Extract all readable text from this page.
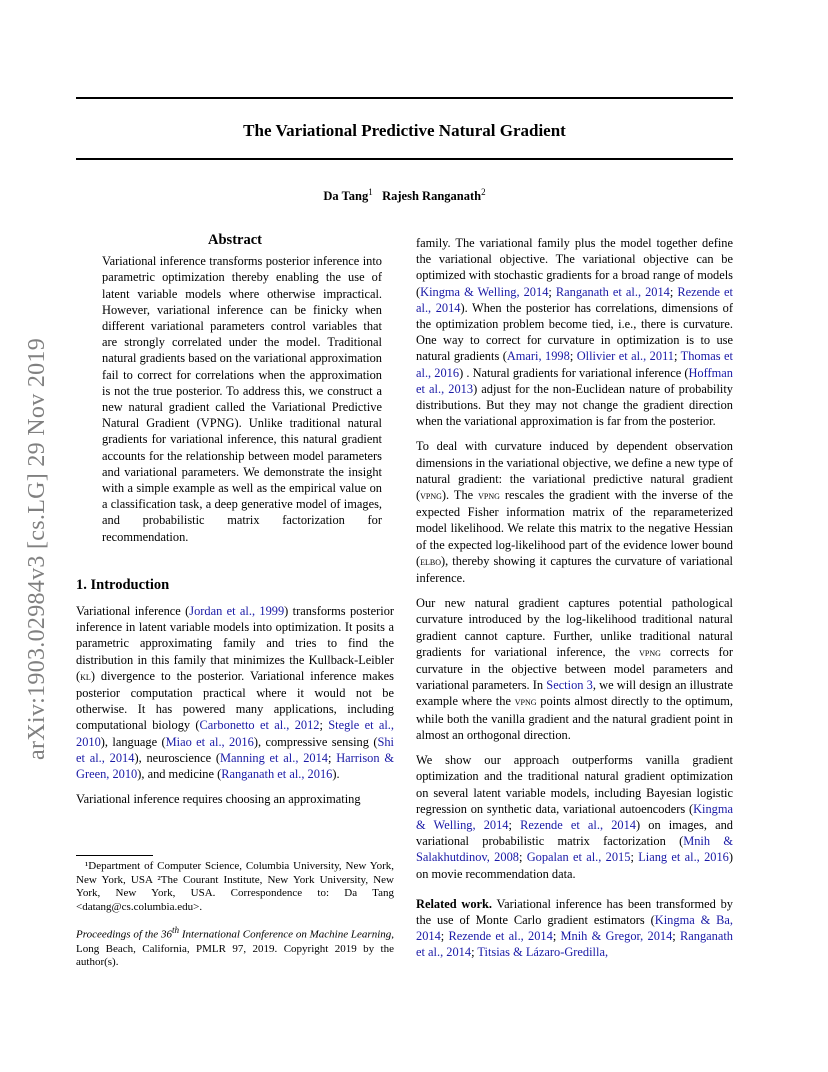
The Variational Predictive Natural Gradient
Da Tang$^1$ Rajesh Ranganath$^2$
arXiv:1903.02984v3 [cs.LG] 29 Nov 2019
Abstract
Variational inference transforms posterior inference into parametric optimization thereby enabling the use of latent variable models where otherwise impractical. However, variational inference can be finicky when different variational parameters control variables that are strongly correlated under the model. Traditional natural gradients based on the variational approximation fail to correct for correlations when the approximation is not the true posterior. To address this, we construct a new natural gradient called the Variational Predictive Natural Gradient (VPNG). Unlike traditional natural gradients for variational inference, this natural gradient accounts for the relationship between model parameters and variational parameters. We demonstrate the insight with a simple example as well as the empirical value on a classification task, a deep generative model of images, and probabilistic matrix factorization for recommendation.
1. Introduction

Variational inference (Jordan et al., 1999) transforms posterior inference in latent variable models into optimization. It posits a parametric approximating family and tries to find the distribution in this family that minimizes the Kullback-Leibler (kl) divergence to the posterior. Variational inference makes posterior computation practical where it would not be otherwise. It has powered many applications, including computational biology (Carbonetto et al., 2012; Stegle et al., 2010), language (Miao et al., 2016), compressive sensing (Shi et al., 2014), neuroscience (Manning et al., 2014; Harrison & Green, 2010), and medicine (Ranganath et al., 2016).

Variational inference requires choosing an approximating

¹Department of Computer Science, Columbia University, New York, New York, USA ²The Courant Institute, New York University, New York, New York, USA. Correspondence to: Da Tang <datang@cs.columbia.edu>.
Proceedings of the 36th International Conference on Machine Learning, Long Beach, California, PMLR 97, 2019. Copyright 2019 by the author(s).

family. The variational family plus the model together define the variational objective. The variational objective can be optimized with stochastic gradients for a broad range of models (Kingma & Welling, 2014; Ranganath et al., 2014; Rezende et al., 2014). When the posterior has correlations, dimensions of the optimization problem become tied, i.e., there is curvature. One way to correct for curvature in optimization is to use natural gradients (Amari, 1998; Ollivier et al., 2011; Thomas et al., 2016) . Natural gradients for variational inference (Hoffman et al., 2013) adjust for the non-Euclidean nature of probability distributions. But they may not change the gradient direction when the variational approximation is far from the posterior.

To deal with curvature induced by dependent observation dimensions in the variational objective, we define a new type of natural gradient: the variational predictive natural gradient (vpng). The vpng rescales the gradient with the inverse of the expected Fisher information matrix of the reparameterized model likelihood. We relate this matrix to the negative Hessian of the expected log-likelihood part of the evidence lower bound (elbo), thereby showing it captures the curvature of variational inference.

Our new natural gradient captures potential pathological curvature introduced by the log-likelihood traditional natural gradient cannot capture. Further, unlike traditional natural gradients for variational inference, the vpng corrects for curvature in the objective between model parameters and variational parameters. In Section 3, we will design an illustrate example where the vpng points almost directly to the optimum, while both the vanilla gradient and the natural gradient point in almost an orthogonal direction.

We show our approach outperforms vanilla gradient optimization and the traditional natural gradient optimization on several latent variable models, including Bayesian logistic regression on synthetic data, variational autoencoders (Kingma & Welling, 2014; Rezende et al., 2014) on images, and variational probabilistic matrix factorization (Mnih & Salakhutdinov, 2008; Gopalan et al., 2015; Liang et al., 2016) on movie recommendation data.

Related work. Variational inference has been transformed by the use of Monte Carlo gradient estimators (Kingma & Ba, 2014; Rezende et al., 2014; Mnih & Gregor, 2014; Ranganath et al., 2014; Titsias & Lázaro-Gredilla,
